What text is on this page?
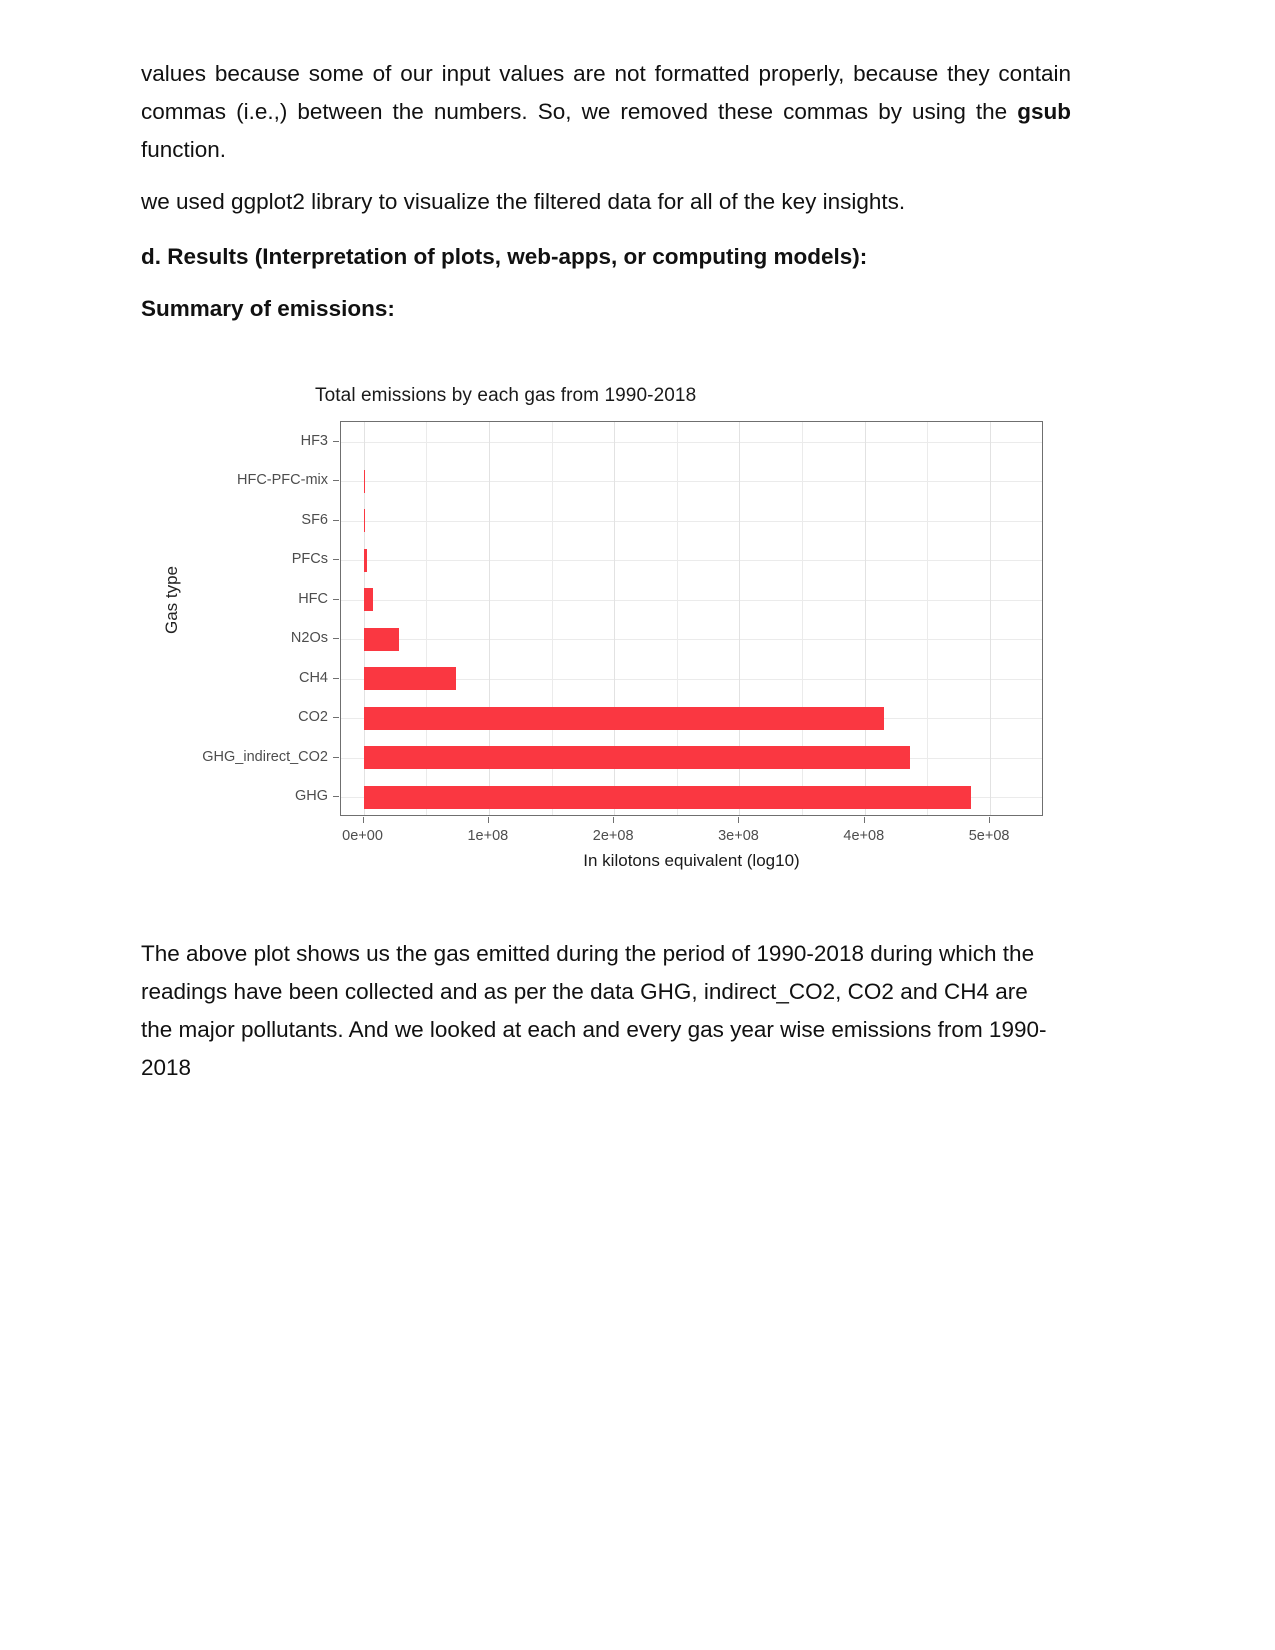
values because some of our input values are not formatted properly, because they contain commas (i.e.,) between the numbers. So, we removed these commas by using the gsub function.
we used ggplot2 library to visualize the filtered data for all of the key insights.
d. Results (Interpretation of plots, web-apps, or computing models):
Summary of emissions:
Total emissions by each gas from 1990-2018
Gas type
HF3
HFC-PFC-mix
SF6
PFCs
HFC
N2Os
CH4
CO2
GHG_indirect_CO2
GHG
0e+00	1e+08	2e+08	3e+08	4e+08	5e+08
In kilotons equivalent (log10)
The above plot shows us the gas emitted during the period of 1990-2018 during which the readings have been collected and as per the data GHG, indirect_CO2, CO2 and CH4 are the major pollutants. And we looked at each and every gas year wise emissions from 1990-2018
